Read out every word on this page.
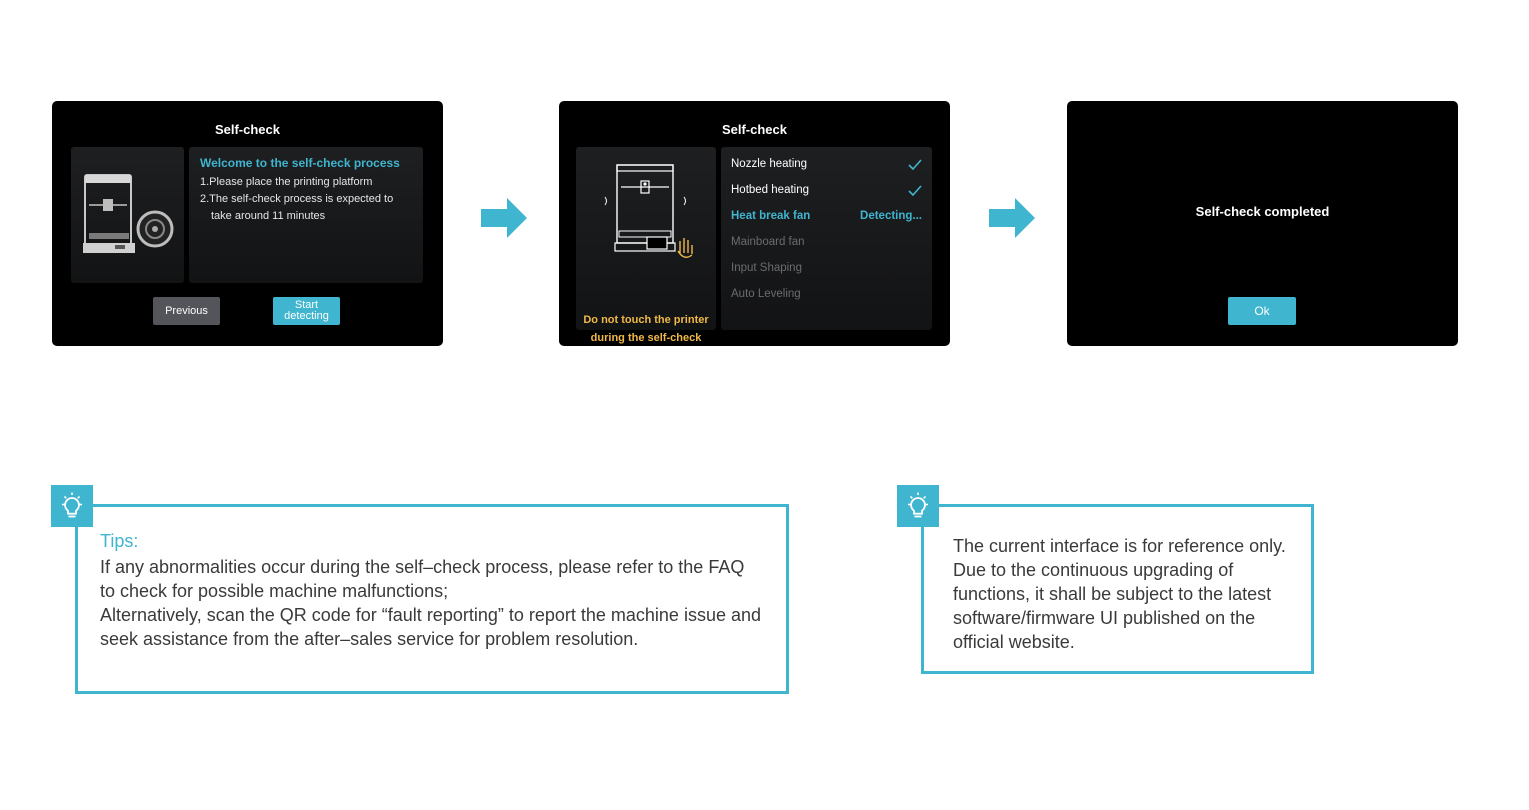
Self-check
Welcome to the self-check process
1.Please place the printing platform
2.The self-check process is expected to
take around 11 minutes
Previous	Start
detecting
Self-check
Do not touch the printer
during the self-check
Nozzle heating
Hotbed heating
Heat break fan	Detecting...
Mainboard fan
Input Shaping
Auto Leveling
Self-check completed
Ok
Tips:

If any abnormalities occur during the self–check process, please refer to the FAQ to check for possible machine malfunctions;

Alternatively, scan the QR code for “fault reporting” to report the machine issue and seek assistance from the after–sales service for problem resolution.

The current interface is for reference only. Due to the continuous upgrading of functions, it shall be subject to the latest software/firmware UI published on the official website.
